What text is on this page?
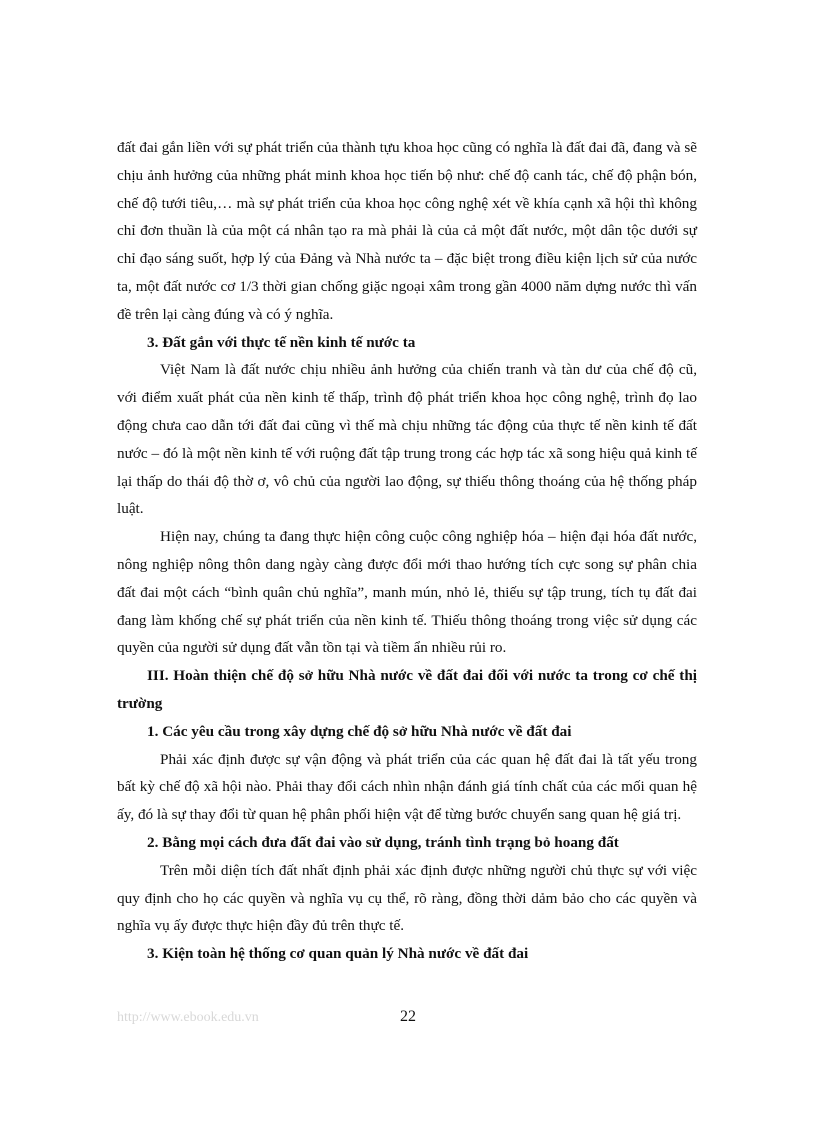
đất đai gắn liền với sự phát triển của thành tựu khoa học cũng có nghĩa là đất đai đã, đang và sẽ chịu ảnh hưởng của những phát minh khoa học tiến bộ như: chế độ canh tác, chế độ phận bón, chế độ tưới tiêu,… mà sự phát triển của khoa học công nghệ xét về khía cạnh xã hội thì không chỉ đơn thuần là của một cá nhân tạo ra mà phải là của cả một đất nước, một dân tộc dưới sự chỉ đạo sáng suốt, hợp lý của Đảng và Nhà nước ta – đặc biệt trong điều kiện lịch sử của nước ta, một đất nước cơ 1/3 thời gian chống giặc ngoại xâm trong gần 4000 năm dựng nước thì vấn đề trên lại càng đúng và có ý nghĩa.

3. Đất gắn với thực tế nền kinh tế nước ta

Việt Nam là đất nước chịu nhiều ảnh hưởng của chiến tranh và tàn dư của chế độ cũ, với điểm xuất phát của nền kinh tế thấp, trình độ phát triển khoa học công nghệ, trình đọ lao động chưa cao dẫn tới đất đai cũng vì thế mà chịu những tác động của thực tế nền kinh tế đất nước – đó là một nền kinh tế với ruộng đất tập trung trong các hợp tác xã song hiệu quả kinh tế lại thấp do thái độ thờ ơ, vô chủ của người lao động, sự thiếu thông thoáng của hệ thống pháp luật.

Hiện nay, chúng ta đang thực hiện công cuộc công nghiệp hóa – hiện đại hóa đất nước, nông nghiệp nông thôn dang ngày càng được đổi mới thao hướng tích cực song sự phân chia đất đai một cách “bình quân chủ nghĩa”, manh mún, nhỏ lẻ, thiếu sự tập trung, tích tụ đất đai đang làm khống chế sự phát triển của nền kinh tế. Thiếu thông thoáng trong việc sử dụng các quyền của người sử dụng đất vẫn tồn tại và tiềm ẩn nhiều rủi ro.

III. Hoàn thiện chế độ sở hữu Nhà nước về đất đai đối với nước ta trong cơ chế thị trường

1. Các yêu cầu trong xây dựng chế độ sở hữu Nhà nước về đất đai

Phải xác định được sự vận động và phát triển của các quan hệ đất đai là tất yếu trong bất kỳ chế độ xã hội nào. Phải thay đổi cách nhìn nhận đánh giá tính chất của các mối quan hệ ấy, đó là sự thay đổi từ quan hệ phân phối hiện vật để từng bước chuyển sang quan hệ giá trị.

2. Bằng mọi cách đưa đất đai vào sử dụng, tránh tình trạng bỏ hoang đất

Trên mỗi diện tích đất nhất định phải xác định được những người chủ thực sự với việc quy định cho họ các quyền và nghĩa vụ cụ thể, rõ ràng, đồng thời dảm bảo cho các quyền và nghĩa vụ ấy được thực hiện đầy đủ trên thực tế.

3. Kiện toàn hệ thống cơ quan quản lý Nhà nước về đất đai

http://www.ebook.edu.vn	22
